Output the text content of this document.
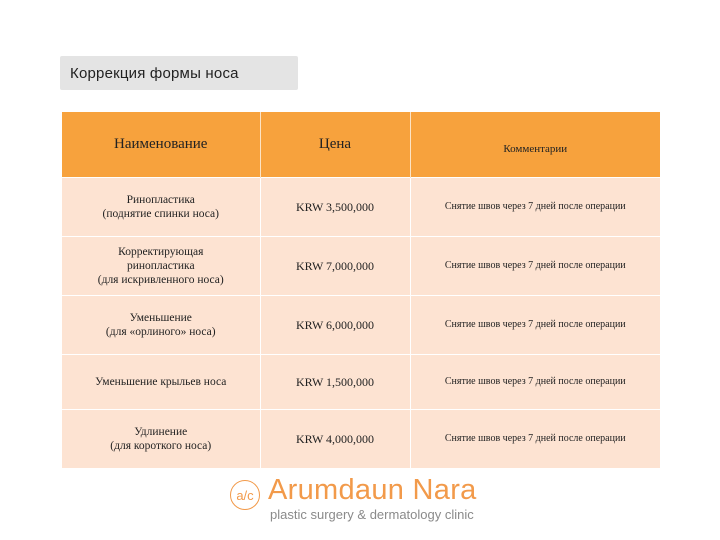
Коррекция формы носа
Наименование	Цена	Комментарии
Ринопластика
(поднятие спинки носа)	KRW 3,500,000	Снятие швов через 7 дней после операции
Корректирующая
ринопластика
(для искривленного носа)	KRW 7,000,000	Снятие швов через 7 дней после операции
Уменьшение
(для «орлиного» носа)	KRW 6,000,000	Снятие швов через 7 дней после операции
Уменьшение крыльев носа	KRW 1,500,000	Снятие швов через 7 дней после операции
Удлинение
(для короткого носа)	KRW 4,000,000	Снятие швов через 7 дней после операции
a/c Arumdaun Nara
plastic surgery & dermatology clinic
